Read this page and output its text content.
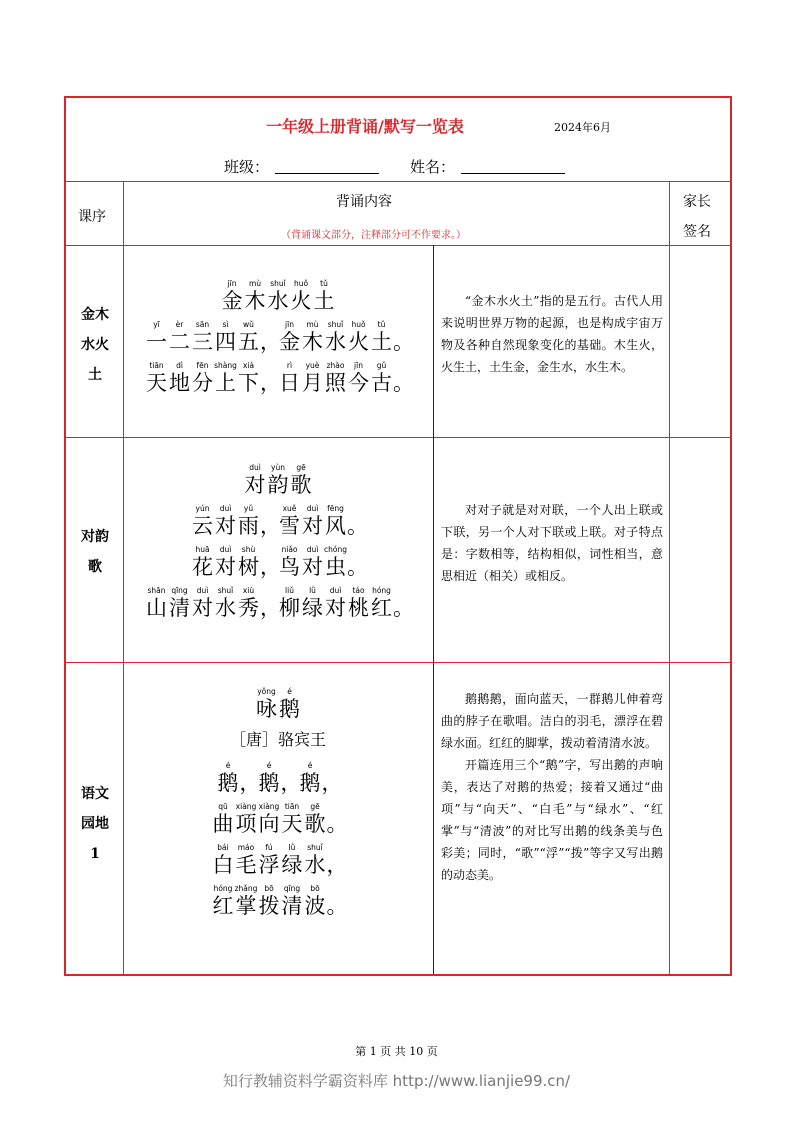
一年级上册背诵/默写一览表	2024年6月
班级：	姓名：
课序
背诵内容
（背诵课文部分，注释部分可不作要求。）
家长
签名
金木
水火
土
jīn
金
mù
木
shuǐ
水
huǒ
火
tǔ
土
yī
一
èr
二
sān
三
sì
四
wǔ
五 ，
jīn
金
mù
木
shuǐ
水
huǒ
火
tǔ
土 。
tiān
天
dì
地
fēn
分
shàng
上
xià
下 ，
rì
日
yuè
月
zhào
照
jīn
今
gǔ
古 。

“金木水火土”指的是五行。古代人用来说明世界万物的起源，也是构成宇宙万物及各种自然现象变化的基础。木生火，火生土，土生金，金生水，水生木。

对韵
歌
duì
对
yùn
韵
gē
歌
yún
云
duì
对
yǔ
雨 ，
xuě
雪
duì
对
fēng
风 。
huā
花
duì
对
shù
树 ，
niǎo
鸟
duì
对
chóng
虫 。
shān
山
qīng
清
duì
对
shuǐ
水
xiù
秀 ，
liǔ
柳
lǜ
绿
duì
对
táo
桃
hóng
红 。

对对子就是对对联，一个人出上联或下联，另一个人对下联或上联。对子特点是：字数相等，结构相似，词性相当，意思相近（相关）或相反。

语文
园地
1
yǒng
咏
é
鹅
［唐］骆宾王
é
鹅 ，
é
鹅 ，
é
鹅 ，
qū
曲
xiàng
项
xiàng
向
tiān
天
gē
歌 。
bái
白
máo
毛
fú
浮
lǜ
绿
shuǐ
水 ，
hóng
红
zhǎng
掌
bō
拨
qīng
清
bō
波 。

鹅鹅鹅，面向蓝天，一群鹅儿伸着弯曲的脖子在歌唱。洁白的羽毛，漂浮在碧绿水面。红红的脚掌，拨动着清清水波。

开篇连用三个“鹅”字，写出鹅的声响美，表达了对鹅的热爱；接着又通过“曲项”与“向天”、“白毛”与“绿水”、“红掌”与“清波”的对比写出鹅的线条美与色彩美；同时，“歌”“浮”“拨”等字又写出鹅的动态美。

第 1 页 共 10 页
知行教辅资料学霸资料库 http://www.lianjie99.cn/
